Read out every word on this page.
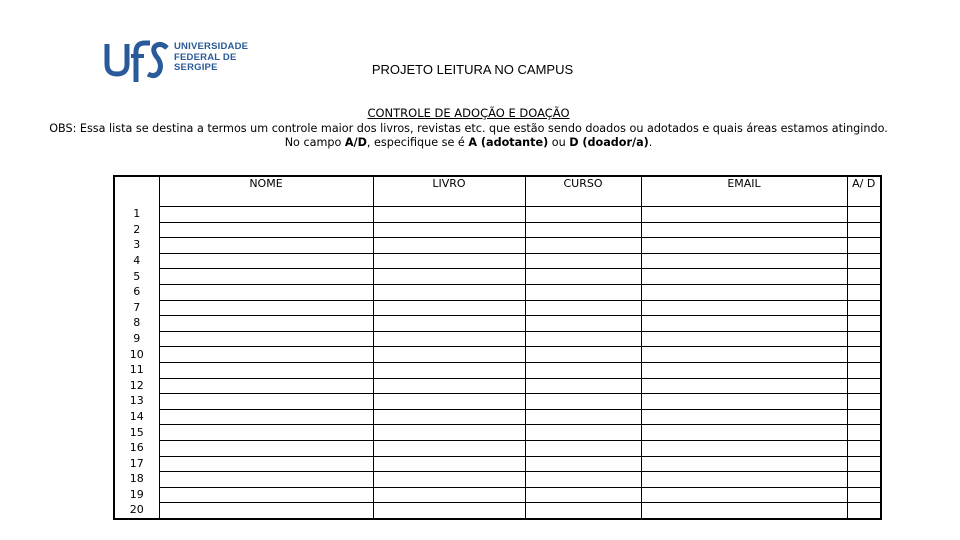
UNIVERSIDADE
FEDERAL DE
SERGIPE	PROJETO LEITURA NO CAMPUS
CONTROLE DE ADOÇÃO E DOAÇÃO
OBS: Essa lista se destina a termos um controle maior dos livros, revistas etc. que estão sendo doados ou adotados e quais áreas estamos atingindo.
No campo A/D, especifique se é A (adotante) ou D (doador/a).
	NOME	LIVRO	CURSO	EMAIL	A/ D
1					
2					
3					
4					
5					
6					
7					
8					
9					
10					
11					
12					
13					
14					
15					
16					
17					
18					
19					
20					
